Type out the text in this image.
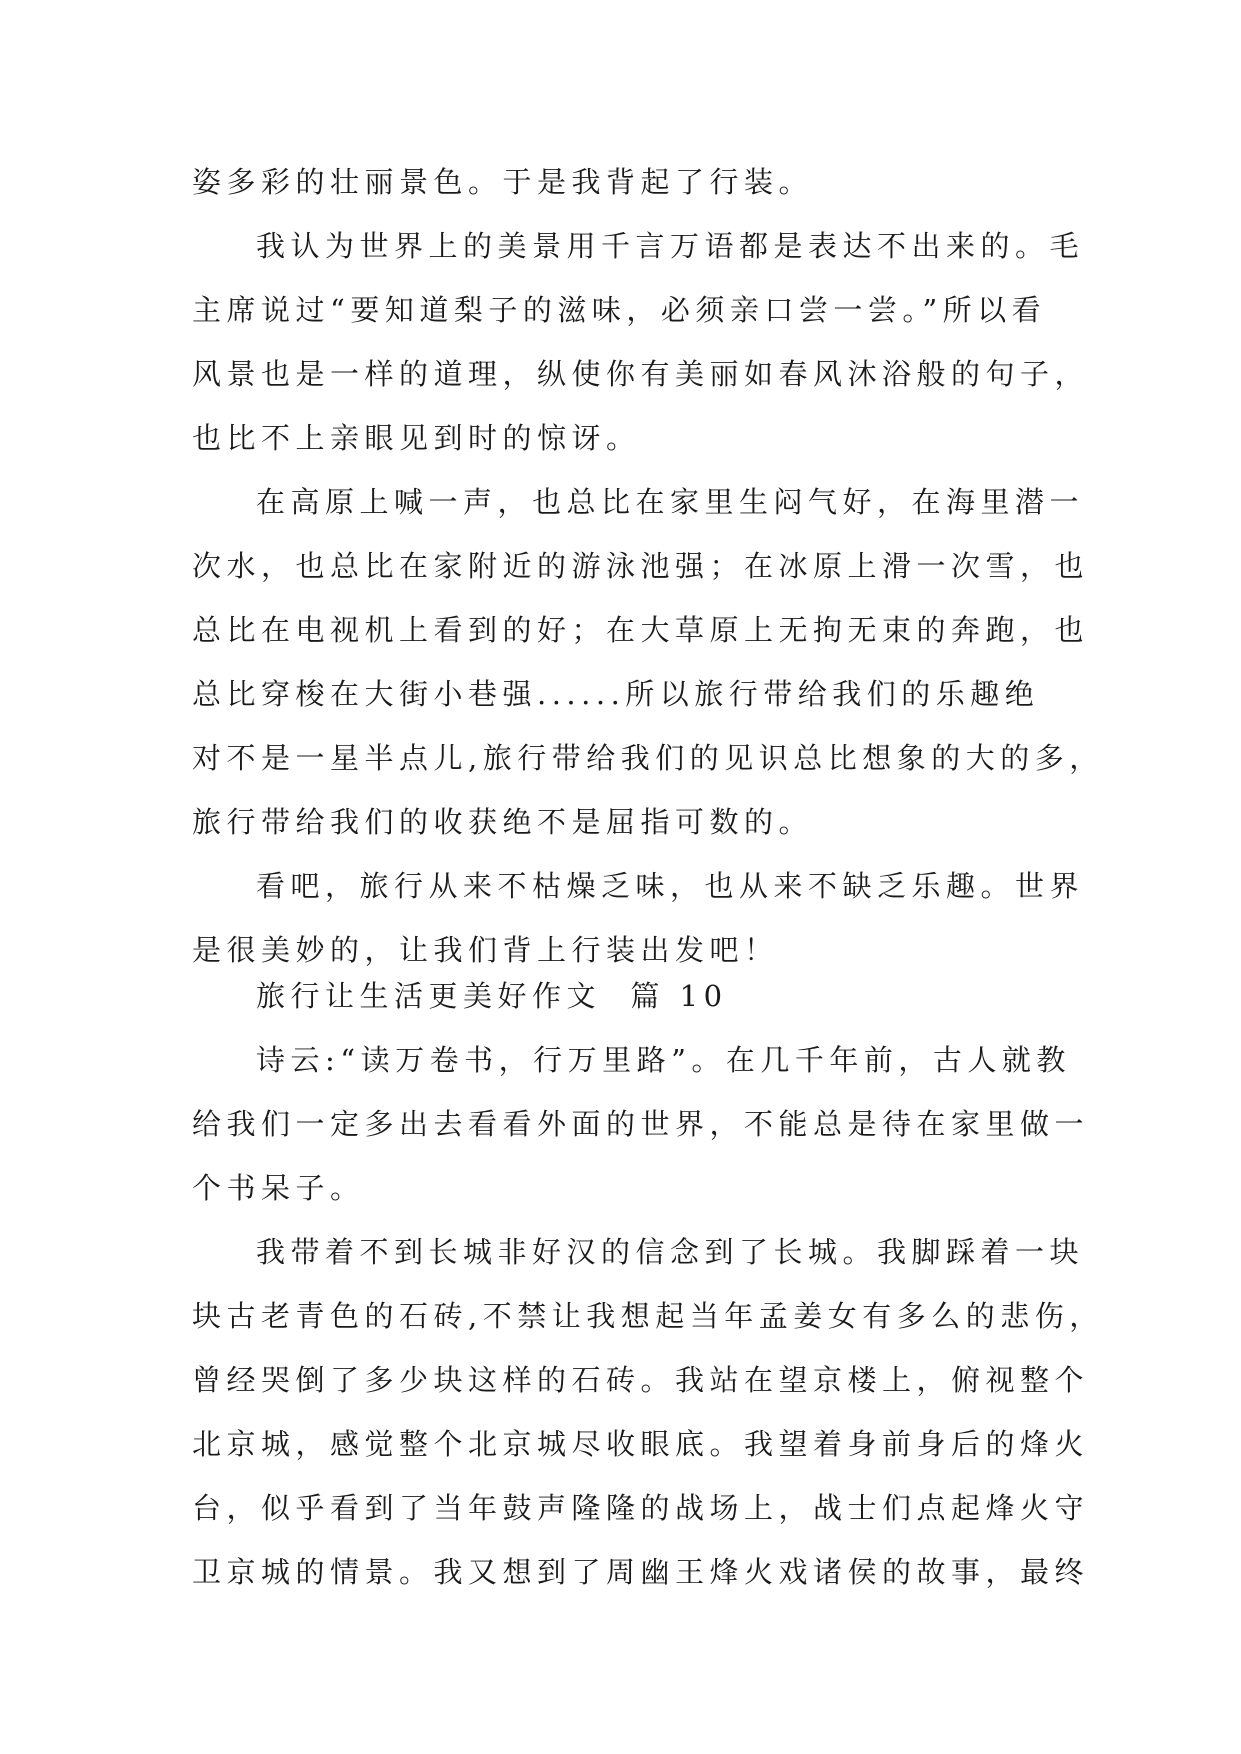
姿多彩的壮丽景色。于是我背起了行装。
我认为世界上的美景用千言万语都是表达不出来的。毛
主席说过“要知道梨子的滋味，必须亲口尝一尝。”所以看
风景也是一样的道理，纵使你有美丽如春风沐浴般的句子，
也比不上亲眼见到时的惊讶。
在高原上喊一声，也总比在家里生闷气好，在海里潜一
次水，也总比在家附近的游泳池强；在冰原上滑一次雪，也
总比在电视机上看到的好；在大草原上无拘无束的奔跑，也
总比穿梭在大街小巷强......所以旅行带给我们的乐趣绝
对不是一星半点儿,旅行带给我们的见识总比想象的大的多，
旅行带给我们的收获绝不是屈指可数的。
看吧，旅行从来不枯燥乏味，也从来不缺乏乐趣。世界
是很美妙的，让我们背上行装出发吧！
旅行让生活更美好作文  篇 10
诗云:“读万卷书，行万里路”。在几千年前，古人就教
给我们一定多出去看看外面的世界，不能总是待在家里做一
个书呆子。
我带着不到长城非好汉的信念到了长城。我脚踩着一块
块古老青色的石砖,不禁让我想起当年孟姜女有多么的悲伤，
曾经哭倒了多少块这样的石砖。我站在望京楼上，俯视整个
北京城，感觉整个北京城尽收眼底。我望着身前身后的烽火
台，似乎看到了当年鼓声隆隆的战场上，战士们点起烽火守
卫京城的情景。我又想到了周幽王烽火戏诸侯的故事，最终
